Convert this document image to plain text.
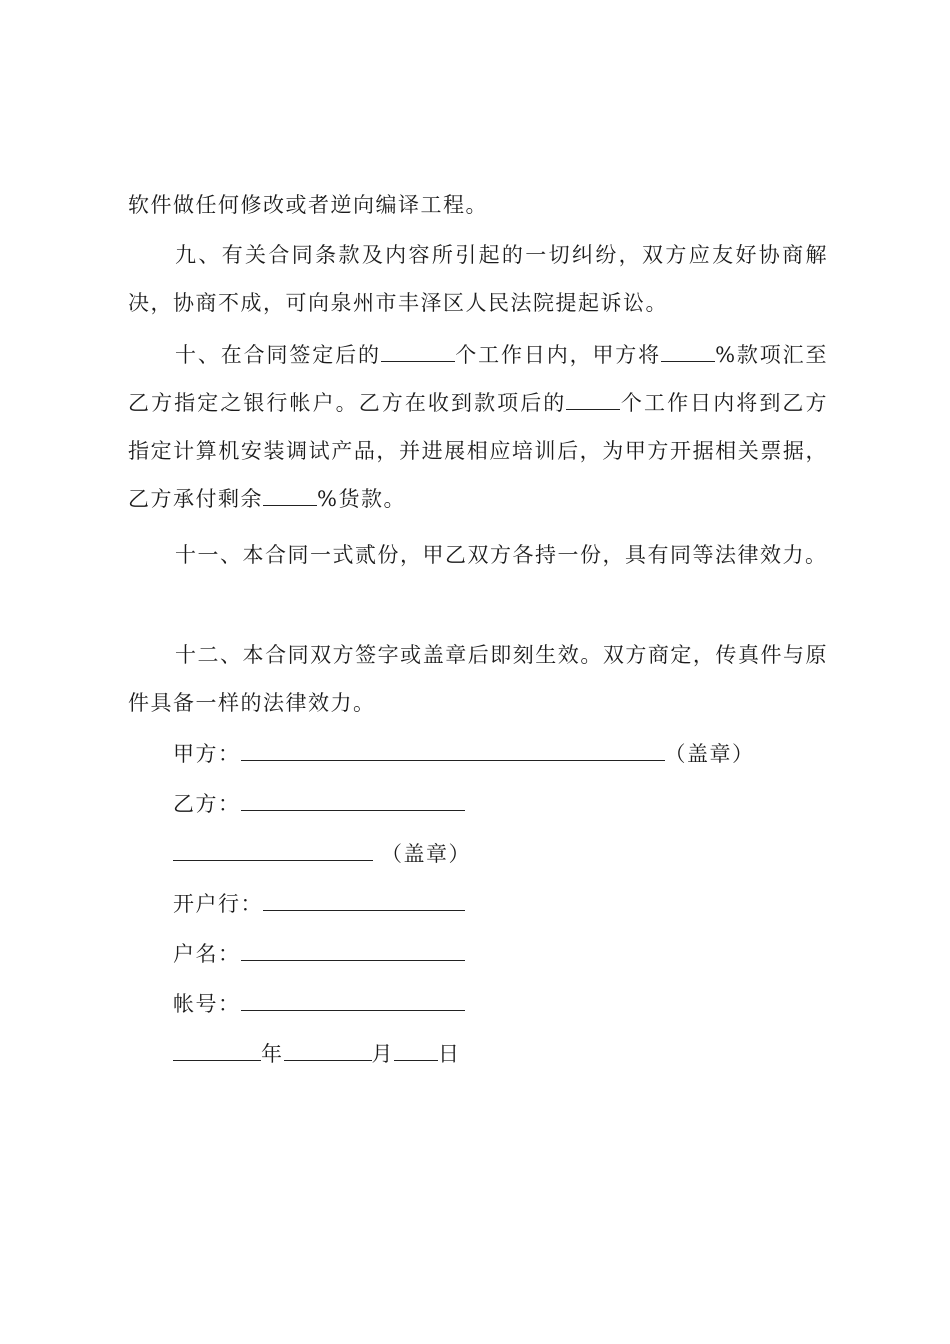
软件做任何修改或者逆向编译工程。

九、有关合同条款及内容所引起的一切纠纷，双方应友好协商解决，协商不成，可向泉州市丰泽区人民法院提起诉讼。

十、在合同签定后的	个工作日内，甲方将	%款项汇至乙方指定之银行帐户。乙方在收到款项后的	个工作日内将到乙方指定计算机安装调试产品，并进展相应培训后，为甲方开据相关票据，乙方承付剩余	%货款。

十一、本合同一式贰份，甲乙双方各持一份，具有同等法律效力。

十二、本合同双方签字或盖章后即刻生效。双方商定，传真件与原件具备一样的法律效力。

甲方：	（盖章）
乙方：
（盖章）
开户行：
户名：
帐号：
年	月 日
